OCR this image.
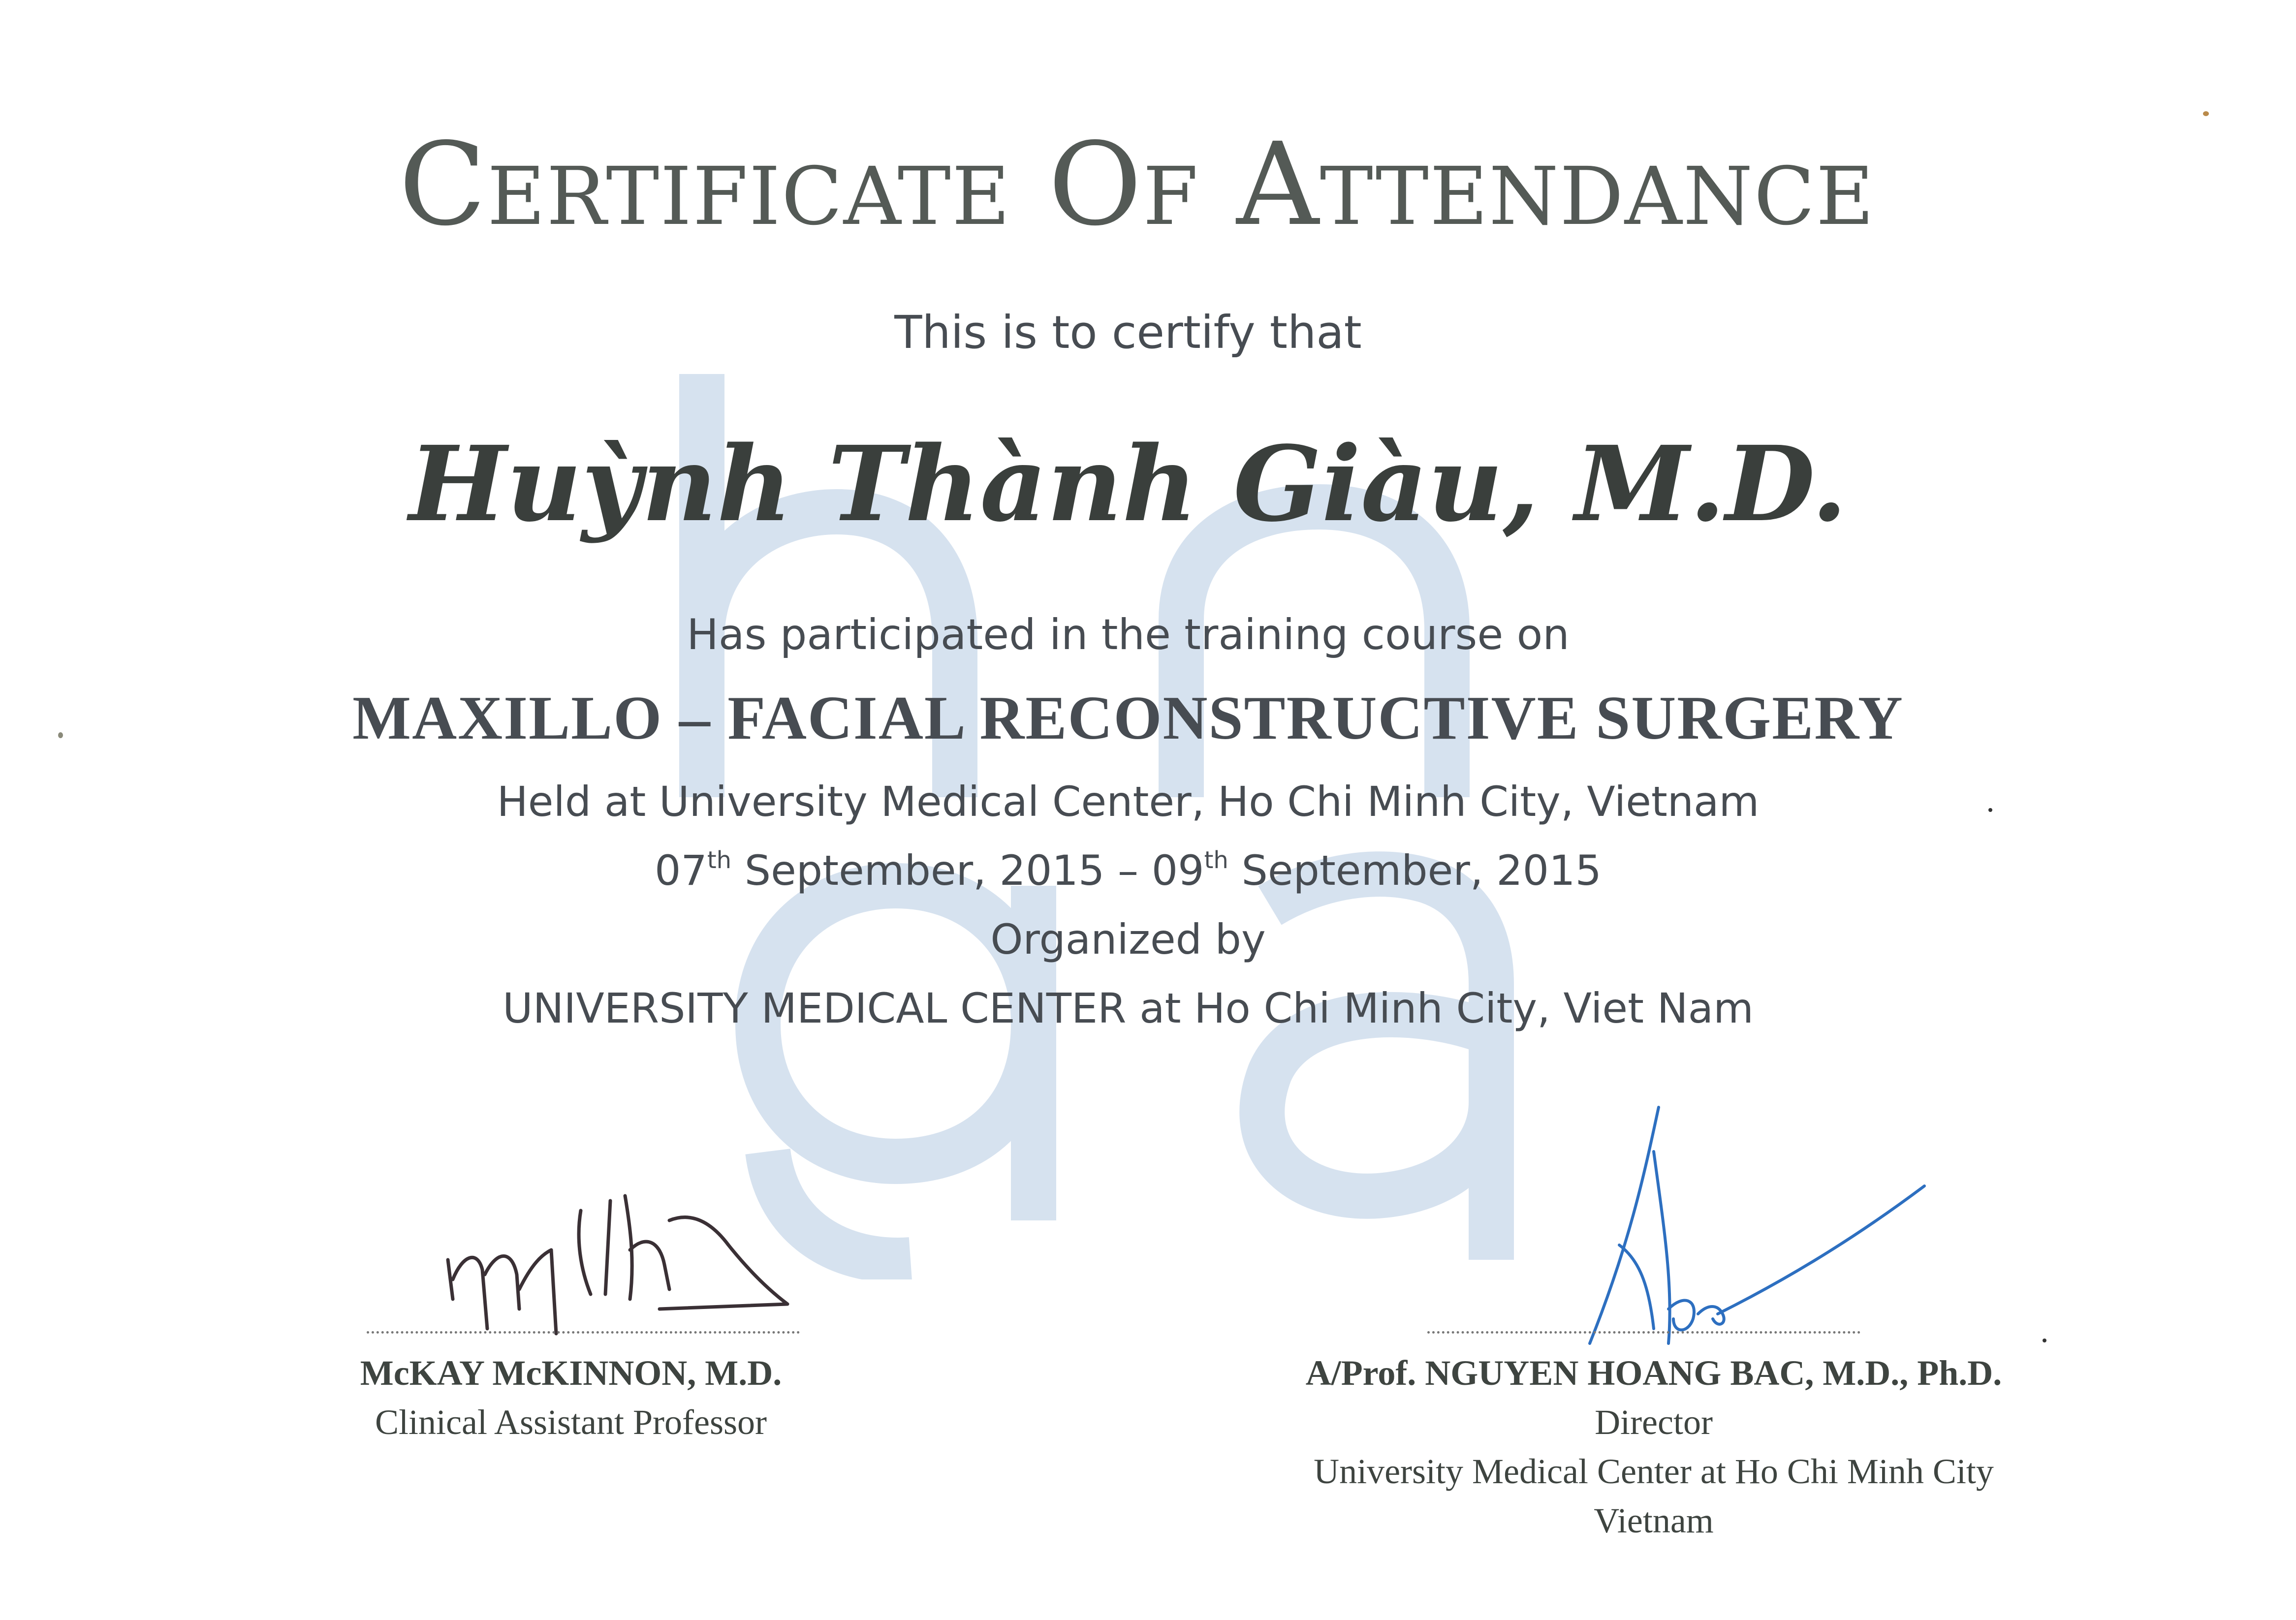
Certificate Of Attendance
This is to certify that
Huỳnh Thành Giàu, M.D.
Has participated in the training course on
MAXILLO – FACIAL RECONSTRUCTIVE SURGERY
Held at University Medical Center, Ho Chi Minh City, Vietnam
07th September, 2015 – 09th September, 2015
Organized by
UNIVERSITY MEDICAL CENTER at Ho Chi Minh City, Viet Nam
McKAY McKINNON, M.D.
Clinical Assistant Professor
A/Prof. NGUYEN HOANG BAC, M.D., Ph.D.
Director
University Medical Center at Ho Chi Minh City
Vietnam
